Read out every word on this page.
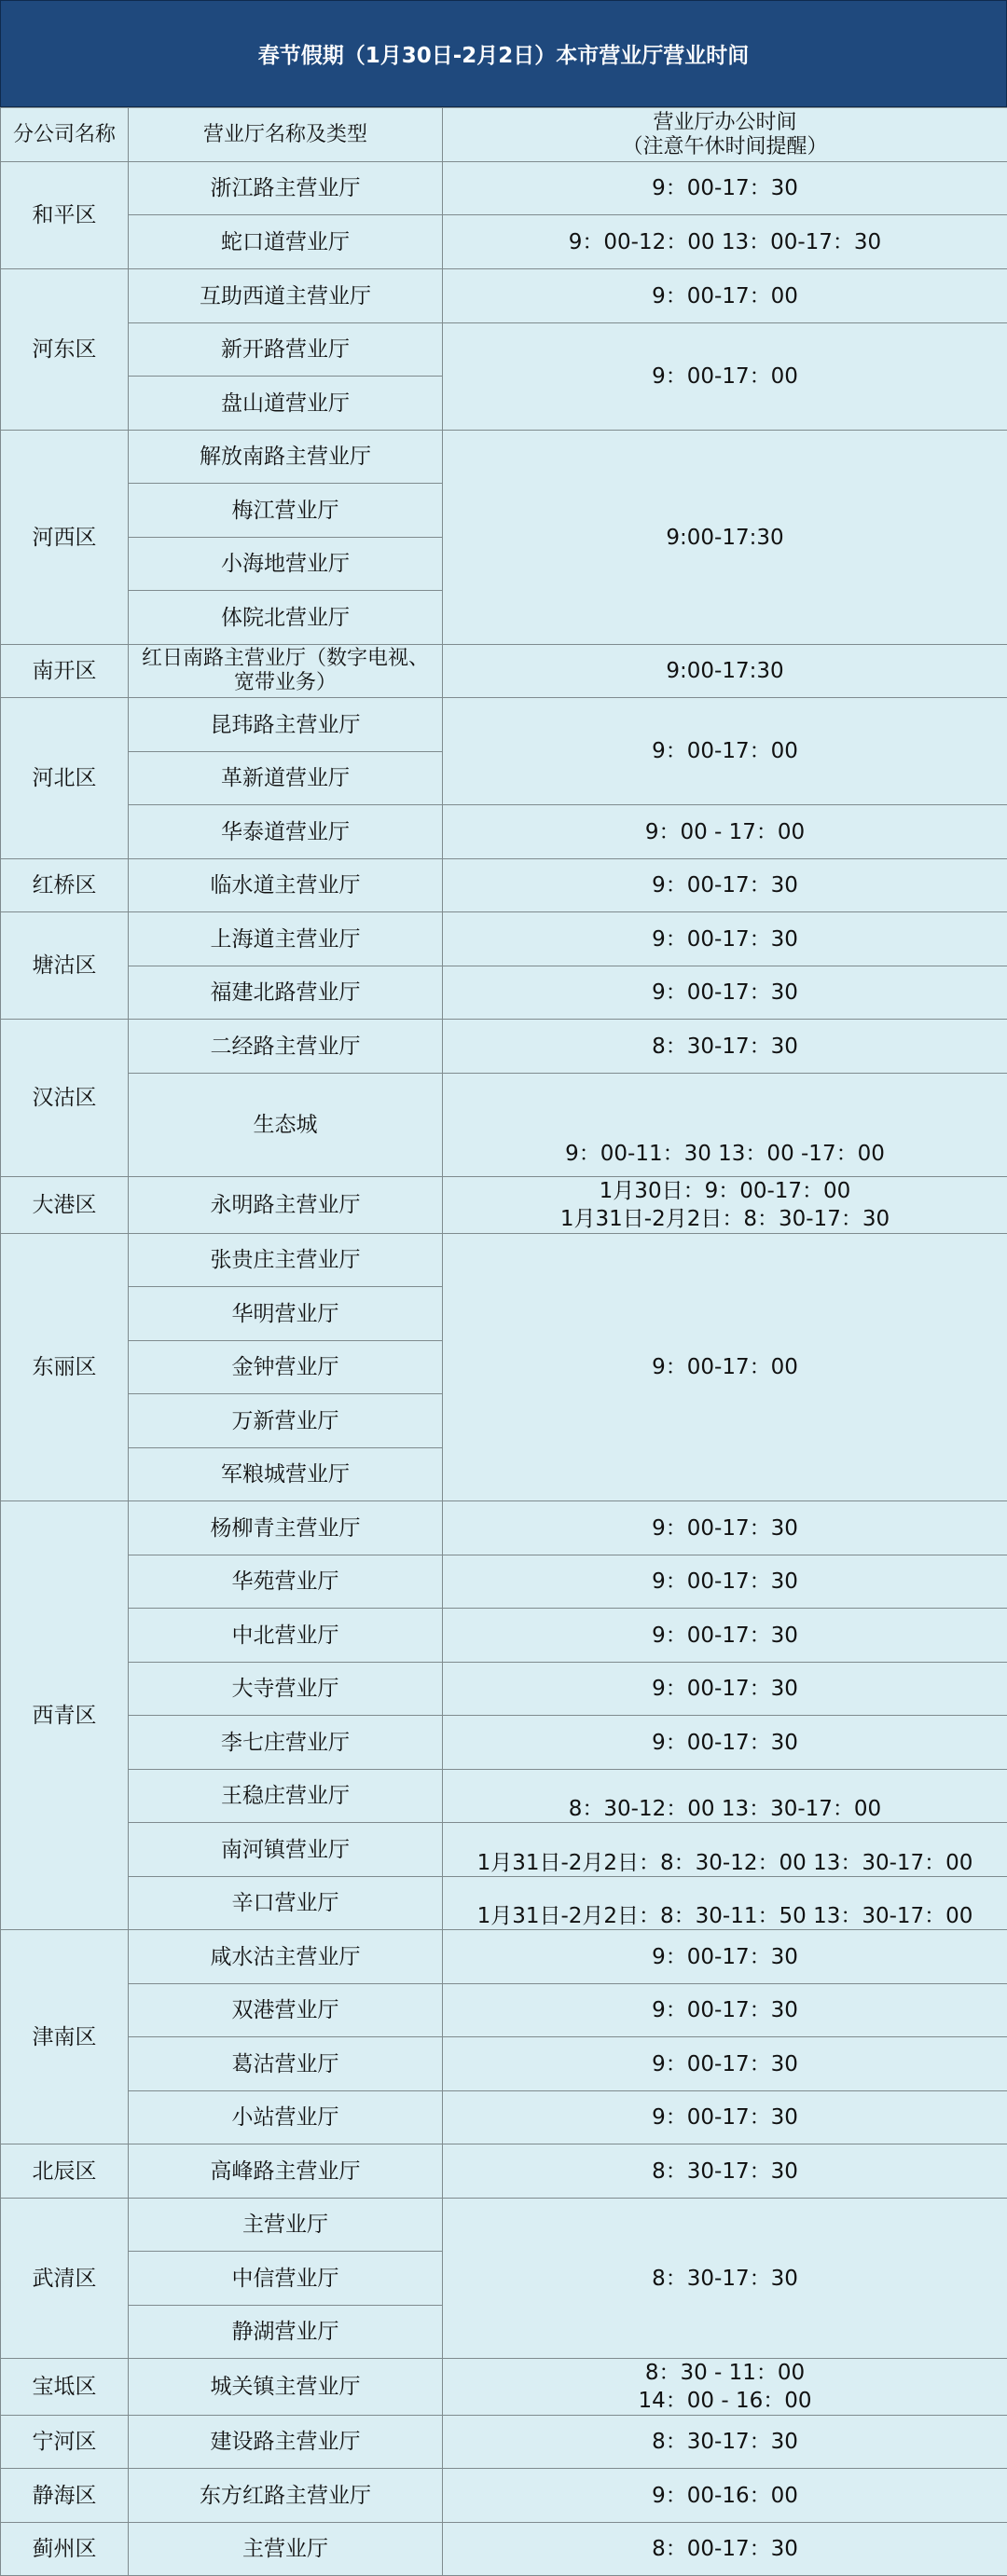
春节假期（1月30日-2月2日）本市营业厅营业时间
分公司名称	营业厅名称及类型	营业厅办公时间
（注意午休时间提醒）

和平区	浙江路主营业厅	9：00-17：30
	蛇口道营业厅	9：00-12：00 13：00-17：30
河东区	互助西道主营业厅	9：00-17：00
	新开路营业厅	9：00-17：00
	盘山道营业厅	
河西区	解放南路主营业厅	9:00-17:30
	梅江营业厅	
	小海地营业厅	
	体院北营业厅	
南开区	红日南路主营业厅（数字电视、宽带业务）	9:00-17:30
河北区	昆玮路主营业厅	9：00-17：00
	革新道营业厅	
	华泰道营业厅	9：00 - 17：00
红桥区	临水道主营业厅	9：00-17：30
塘沽区	上海道主营业厅	9：00-17：30
	福建北路营业厅	9：00-17：30
汉沽区	二经路主营业厅	8：30-17：30
	生态城	9：00-11：30 13：00 -17：00
大港区	永明路主营业厅	1月30日：9：00-17：00
1月31日-2月2日：8：30-17：30

东丽区	张贵庄主营业厅	9：00-17：00
	华明营业厅	
	金钟营业厅	
	万新营业厅	
	军粮城营业厅	
西青区	杨柳青主营业厅	9：00-17：30
	华苑营业厅	9：00-17：30
	中北营业厅	9：00-17：30
	大寺营业厅	9：00-17：30
	李七庄营业厅	9：00-17：30
	王稳庄营业厅	8：30-12：00 13：30-17：00
	南河镇营业厅	1月31日-2月2日：8：30-12：00 13：30-17：00
	辛口营业厅	1月31日-2月2日：8：30-11：50 13：30-17：00
津南区	咸水沽主营业厅	9：00-17：30
	双港营业厅	9：00-17：30
	葛沽营业厅	9：00-17：30
	小站营业厅	9：00-17：30
北辰区	高峰路主营业厅	8：30-17：30
武清区	主营业厅	8：30-17：30
	中信营业厅	
	静湖营业厅	
宝坻区	城关镇主营业厅	8：30 - 11：00
14：00 - 16：00

宁河区	建设路主营业厅	8：30-17：30
静海区	东方红路主营业厅	9：00-16：00
蓟州区	主营业厅	8：00-17：30
